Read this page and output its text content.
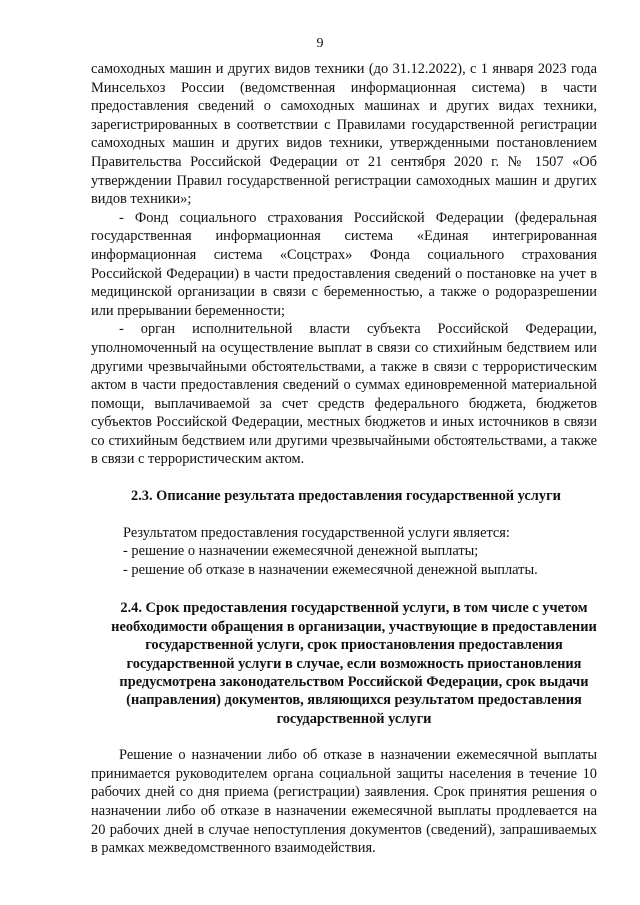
9

самоходных машин и других видов техники (до 31.12.2022), с 1 января 2023 года Минсельхоз России (ведомственная информационная система) в части предоставления сведений о самоходных машинах и других видах техники, зарегистрированных в соответствии с Правилами государственной регистрации самоходных машин и других видов техники, утвержденными постановлением Правительства Российской Федерации от 21 сентября 2020 г. № 1507 «Об утверждении Правил государственной регистрации самоходных машин и других видов техники»;

- Фонд социального страхования Российской Федерации (федеральная государственная информационная система «Единая интегрированная информационная система «Соцстрах» Фонда социального страхования Российской Федерации) в части предоставления сведений о постановке на учет в медицинской организации в связи с беременностью, а также о родоразрешении или прерывании беременности;

- орган исполнительной власти субъекта Российской Федерации, уполномоченный на осуществление выплат в связи со стихийным бедствием или другими чрезвычайными обстоятельствами, а также в связи с террористическим актом в части предоставления сведений о суммах единовременной материальной помощи, выплачиваемой за счет средств федерального бюджета, бюджетов субъектов Российской Федерации, местных бюджетов и иных источников в связи со стихийным бедствием или другими чрезвычайными обстоятельствами, а также в связи с террористическим актом.

2.3. Описание результата предоставления государственной услуги

Результатом предоставления государственной услуги является:

- решение о назначении ежемесячной денежной выплаты;

- решение об отказе в назначении ежемесячной денежной выплаты.

2.4. Срок предоставления государственной услуги, в том числе с учетом необходимости обращения в организации, участвующие в предоставлении государственной услуги, срок приостановления предоставления государственной услуги в случае, если возможность приостановления предусмотрена законодательством Российской Федерации, срок выдачи (направления) документов, являющихся результатом предоставления государственной услуги

Решение о назначении либо об отказе в назначении ежемесячной выплаты принимается руководителем органа социальной защиты населения в течение 10 рабочих дней со дня приема (регистрации) заявления. Срок принятия решения о назначении либо об отказе в назначении ежемесячной выплаты продлевается на 20 рабочих дней в случае непоступления документов (сведений), запрашиваемых в рамках межведомственного взаимодействия.
